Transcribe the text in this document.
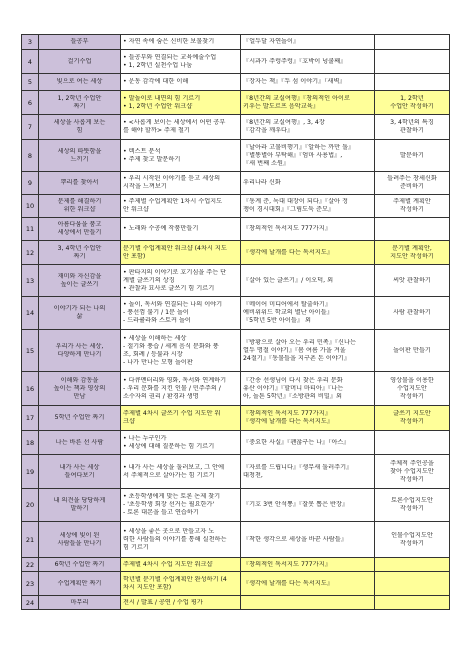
3	들공부	• 자연 속에 숨은 신비한 보물찾기	『얼두달 자연놀이』	

4	걸기수업	• 들공부와 연결되는 교육예술수업
• 1, 2학년 실천수업 나눔	『시과가 주렁주렁』『호박이 넝쿨째』	

5	빛으로 여는 세상	• 운동 감각에 대한 이해	『장자는 책』『두 섬 이야기』『새벽』	

6	1, 2학년 수업안
짜기	• 말놀이로 내면의 힘 기르기
• 1, 2학년 수업안 워크샵	『8년간의 교실여행』『창의적인 아이로
키우는 발도르프 음악교육』	1, 2학년
수업안 작성하기

7	세상을 사롭게 보는
힘	• <사롭게 보이는 세상에서 어떤 공부
를 해야 할까> 주제 철기	『8년간의 교실여행』, 3, 4장
『감각을 깨우다』	3, 4학년의 특징
관찰하기

8	세상의 따뜻함을
느끼기	• 텍스트 분석
• 주제 찾고 발문하기	『날아라 고물비행기』『알하는 까만 돌』
『별똥별아 부탁해』『엄마 사용법』,
『새 번째 소원』	발문하기

9	뿌리를 찾아서	• 우리 시작된 이야기를 듣고 세상의
시작을 느껴보기	우리나라 신화	들려주는 창세신화
준비하기

10	문제를 해결하기
위한 워크샵	• 주제별 수업계획안 1차시 수업지도
안 워크샵	『동계 준, 녹대 대장이 되다』『살아 정
쟁이 경시대회』『그림도둑 준모』	주제별 계획안
작성하기

11	아름다움을 품고
세상에서 만들기	• 노래와 수공예 작품만들기	『창의적인 독서지도 777가지』	

12	3, 4학년 수업안
짜기	분기별 수업계획안 워크샵 (4차시 지도
안 포함)	『생각에 날개를 다는 독서지도』	분기별 계획안,
지도안 작성하기

13	재미와 자신감을
높이는 글쓰기	• 판타지의 이야기로 호기심을 주는 단
계별 글쓰기의 상징
• 관찰과 묘사로 글쓰기 힘 기르기	『살아 있는 글쓰기』/ 이오덕, 외	씨앗 관찰하기

14	이야기가 되는 나의
삶	• 놀이, 독서와 연결되는 나의 이야기
- 풍선껌 불기 / 1분 놀이
- 드라큘라와 스토커 놀이	『메이어 미디어에서 탈출하기』
예비위위드 학교의 별난 아이들』
『5학년 5반 아이들』 외	사람 관찰하기

15	우리가 사는 세상,
다양하게 만나기	• 세상을 이해하는 세상
- 절기와 풍습 / 세계 음식 문화와 풍
조, 회례 / 등불과 시장
- 나가 만나는 모형 놀이판	『방황으로 살아 오는 우리 민족』『신나는
열두 명절 이야기』『봄 여름 가을 겨울
24절기』『동물들을 지구촌 돈 이야기』	놀이판 만들기

16	이해와 감동을
높이는 책과 영상의
만남	• 다큐멘터리와 영화, 독서와 연계하기
- 우리 문화를 지킨 인물 / 민주주의 /
소수자의 권리 / 환경과 생명	『간송 선생님이 다시 찾은 우리 문화
유산 이야기』『할머니 마티아』『나는
아, 놀튼 5학년』『소방관의 비밀』외	영상물을 이용한
수업지도안
작성하기

17	5학년 수업안 짜기	주제별 4차시 글쓰기 수업 지도안 워
크샵	『창의적인 독서지도 777가지』
『생각에 날개를 다는 독서지도』	글쓰기 지도안
작성하기

18	나는 바른 선 사람	• 나는 누구인가
• 세상에 대해 질문하는 힘 기르기	『중요한 사실』『괜찮구는 나』『아스』	

19	내가 사는 세상
들여다보기	• 내가 사는 세상을 둘러보고, 그 안에
서 주체적으로 살아가는 힘 기르기	『자료를 드립니다』『생무새 둘러주기』
대청천,	주체적 주인공을
찾아 수업지도안
작성하기

20	내 의견을 당당하게
말하기	• 초등학생에게 맞는 토론 논제 찾기
- '초등학생 회장 선거는 필요한가'
- 토론 대본을 들고 연습하기	『기호 3번 안석뽕』『잘못 뽑은 반장』	토론수업지도안
작성하기

21	세상에 빛이 된
사람들을 만나기	• 세상을 좋은 곳으로 만들고자 노
력한 사람들의 이야기를 통해 실천하는
힘 기르기	『착한 생각으로 세상을 바꾼 사람들』	인물수업지도안
작성하기

22	6학년 수업안 짜기	주제별 4차시 수업 지도안 워크샵	『창의적인 독서지도 777가지』	

23	수업계획안 짜기	학년별 분기별 수업계획안 완성하기 (4
차시 지도안 포함)	『생각에 날개를 다는 독서지도』	

24	마무리	전시 / 발표 / 공연 / 수업 평가		
